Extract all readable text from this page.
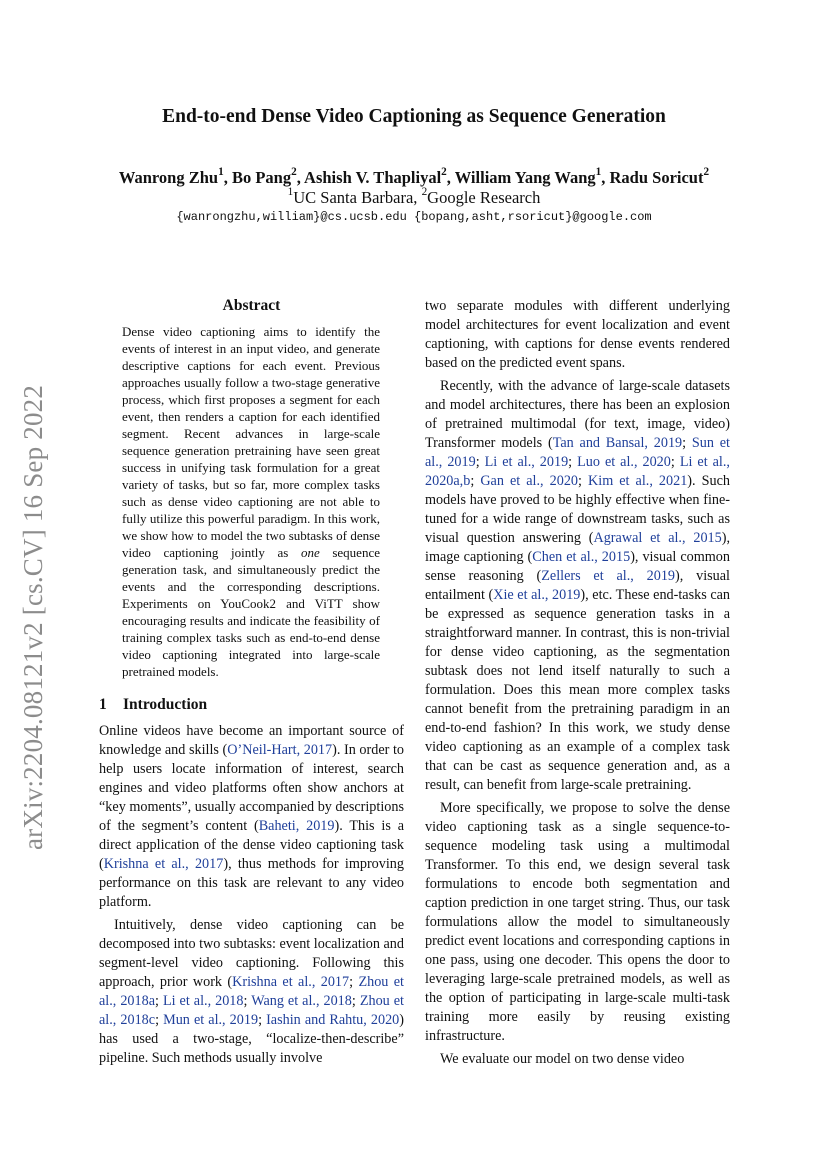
arXiv:2204.08121v2 [cs.CV] 16 Sep 2022
End-to-end Dense Video Captioning as Sequence Generation
Wanrong Zhu$^1$, Bo Pang$^2$, Ashish V. Thapliyal$^2$, William Yang Wang$^1$, Radu Soricut$^2$
$^1$UC Santa Barbara, $^2$Google Research
{wanrongzhu,william}@cs.ucsb.edu {bopang,asht,rsoricut}@google.com
Abstract
Dense video captioning aims to identify the events of interest in an input video, and generate descriptive captions for each event. Previous approaches usually follow a two-stage generative process, which first proposes a segment for each event, then renders a caption for each identified segment. Recent advances in large-scale sequence generation pretraining have seen great success in unifying task formulation for a great variety of tasks, but so far, more complex tasks such as dense video captioning are not able to fully utilize this powerful paradigm. In this work, we show how to model the two subtasks of dense video captioning jointly as one sequence generation task, and simultaneously predict the events and the corresponding descriptions. Experiments on YouCook2 and ViTT show encouraging results and indicate the feasibility of training complex tasks such as end-to-end dense video captioning integrated into large-scale pretrained models.
1 Introduction

Online videos have become an important source of knowledge and skills (O’Neil-Hart, 2017). In order to help users locate information of interest, search engines and video platforms often show anchors at “key moments”, usually accompanied by descriptions of the segment’s content (Baheti, 2019). This is a direct application of the dense video captioning task (Krishna et al., 2017), thus methods for improving performance on this task are relevant to any video platform.

Intuitively, dense video captioning can be decomposed into two subtasks: event localization and segment-level video captioning. Following this approach, prior work (Krishna et al., 2017; Zhou et al., 2018a; Li et al., 2018; Wang et al., 2018; Zhou et al., 2018c; Mun et al., 2019; Iashin and Rahtu, 2020) has used a two-stage, “localize-then-describe” pipeline. Such methods usually involve

two separate modules with different underlying model architectures for event localization and event captioning, with captions for dense events rendered based on the predicted event spans.

Recently, with the advance of large-scale datasets and model architectures, there has been an explosion of pretrained multimodal (for text, image, video) Transformer models (Tan and Bansal, 2019; Sun et al., 2019; Li et al., 2019; Luo et al., 2020; Li et al., 2020a,b; Gan et al., 2020; Kim et al., 2021). Such models have proved to be highly effective when fine-tuned for a wide range of downstream tasks, such as visual question answering (Agrawal et al., 2015), image captioning (Chen et al., 2015), visual common sense reasoning (Zellers et al., 2019), visual entailment (Xie et al., 2019), etc. These end-tasks can be expressed as sequence generation tasks in a straightforward manner. In contrast, this is non-trivial for dense video captioning, as the segmentation subtask does not lend itself naturally to such a formulation. Does this mean more complex tasks cannot benefit from the pretraining paradigm in an end-to-end fashion? In this work, we study dense video captioning as an example of a complex task that can be cast as sequence generation and, as a result, can benefit from large-scale pretraining.

More specifically, we propose to solve the dense video captioning task as a single sequence-to-sequence modeling task using a multimodal Transformer. To this end, we design several task formulations to encode both segmentation and caption prediction in one target string. Thus, our task formulations allow the model to simultaneously predict event locations and corresponding captions in one pass, using one decoder. This opens the door to leveraging large-scale pretrained models, as well as the option of participating in large-scale multi-task training more easily by reusing existing infrastructure.

We evaluate our model on two dense video
